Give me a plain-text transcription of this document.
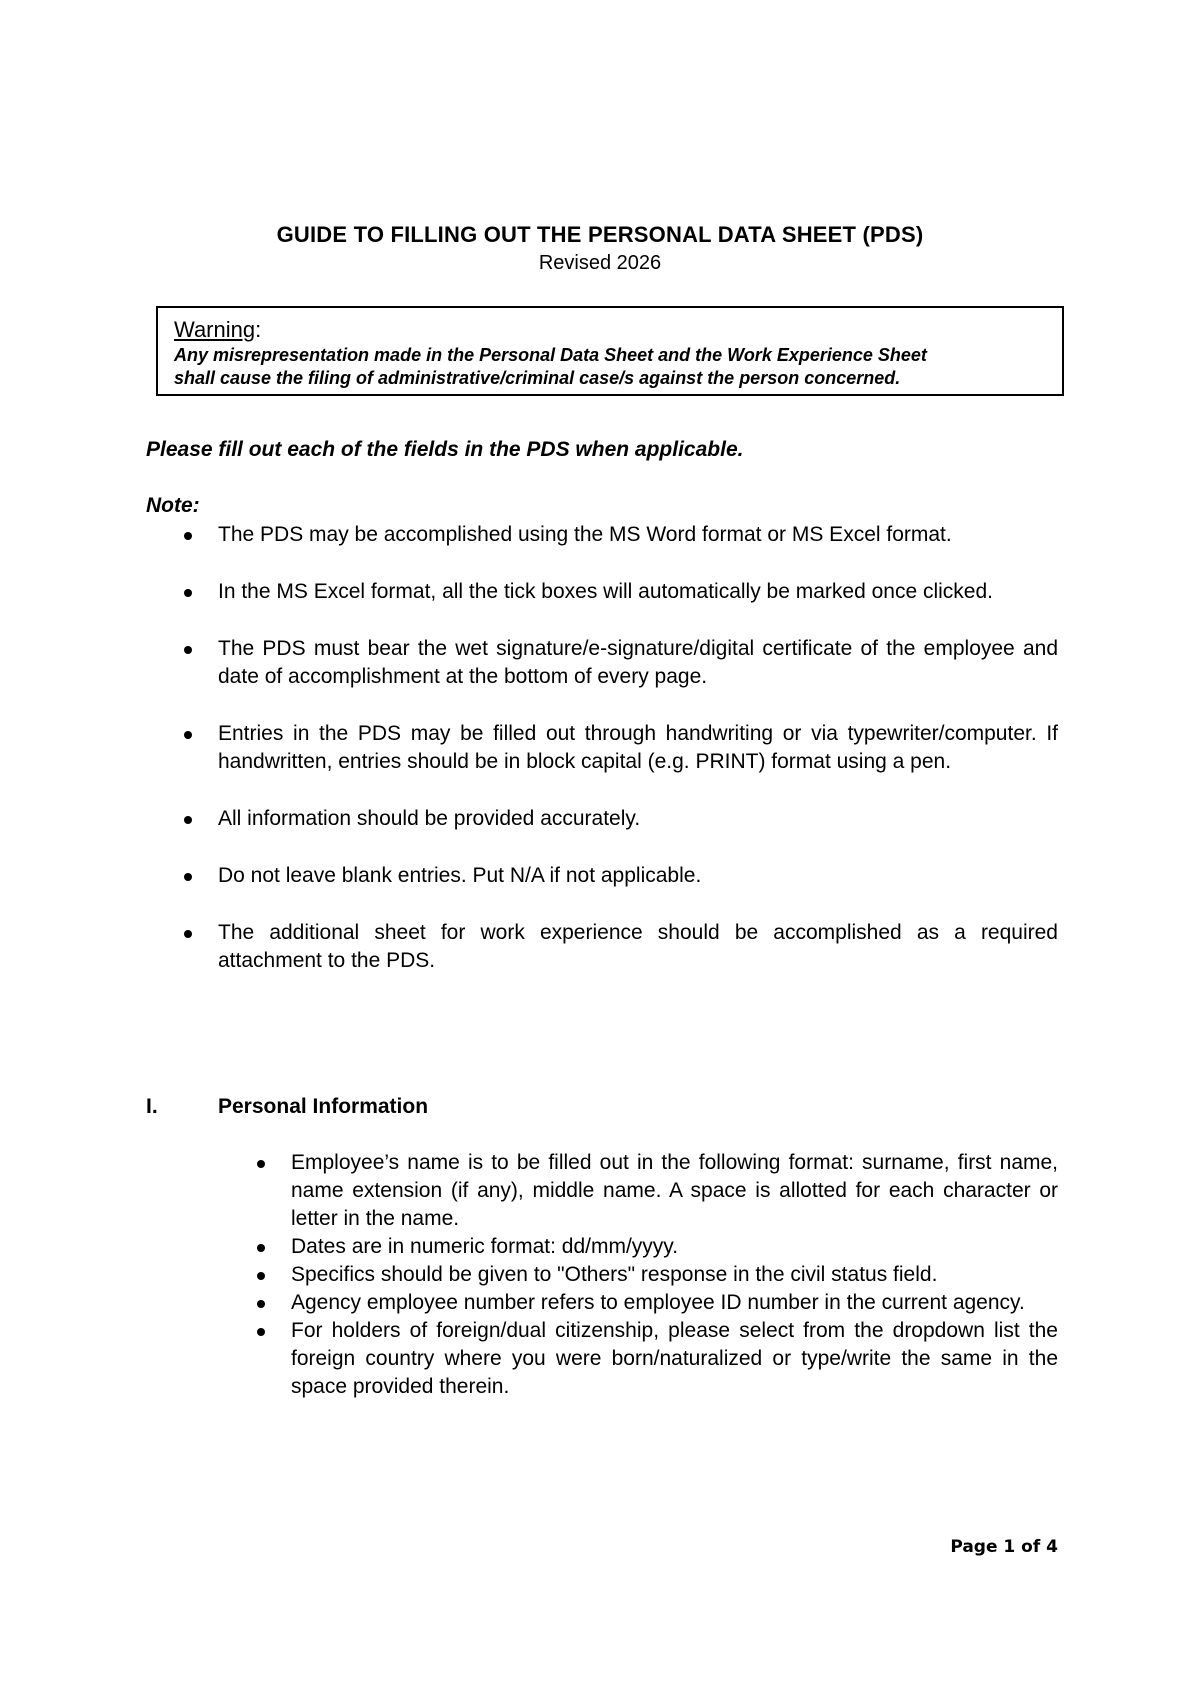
GUIDE TO FILLING OUT THE PERSONAL DATA SHEET (PDS)
Revised 2026
Warning:
Any misrepresentation made in the Personal Data Sheet and the Work Experience Sheet
shall cause the filing of administrative/criminal case/s against the person concerned.
Please fill out each of the fields in the PDS when applicable.
Note:
The PDS may be accomplished using the MS Word format or MS Excel format.
In the MS Excel format, all the tick boxes will automatically be marked once clicked.
The PDS must bear the wet signature/e-signature/digital certificate of the employee and date of accomplishment at the bottom of every page.
Entries in the PDS may be filled out through handwriting or via typewriter/computer. If handwritten, entries should be in block capital (e.g. PRINT) format using a pen.
All information should be provided accurately.
Do not leave blank entries. Put N/A if not applicable.
The additional sheet for work experience should be accomplished as a required attachment to the PDS.
I.	Personal Information
Employee’s name is to be filled out in the following format: surname, first name, name extension (if any), middle name. A space is allotted for each character or letter in the name.
Dates are in numeric format: dd/mm/yyyy.
Specifics should be given to "Others" response in the civil status field.
Agency employee number refers to employee ID number in the current agency.
For holders of foreign/dual citizenship, please select from the dropdown list the foreign country where you were born/naturalized or type/write the same in the space provided therein.
Page 1 of 4
